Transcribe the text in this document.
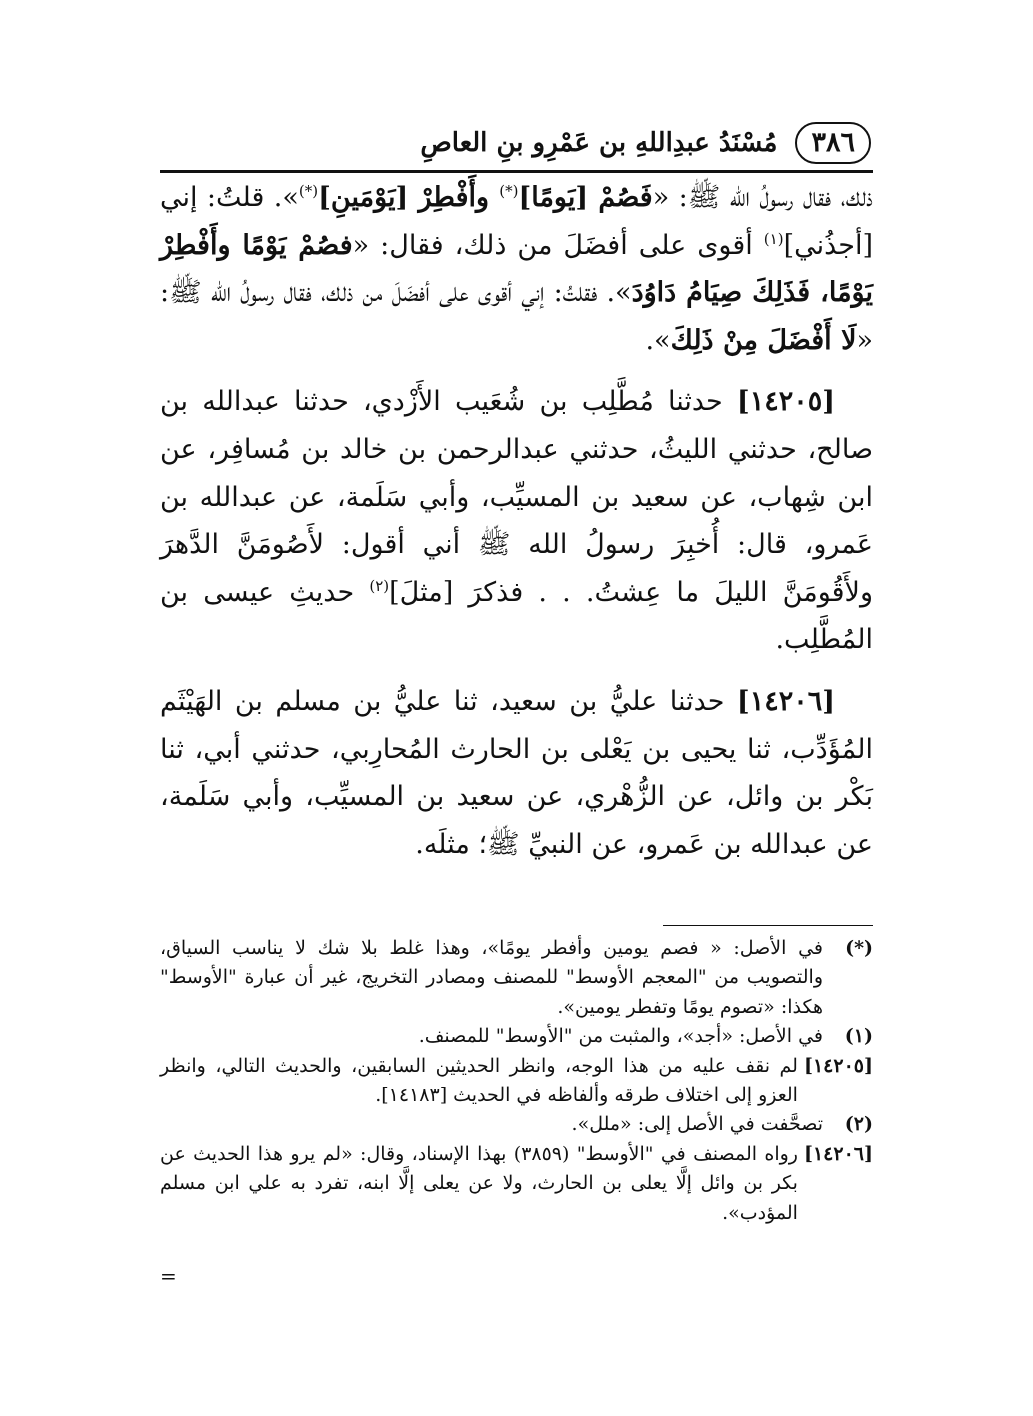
٣٨٦
مُسْنَدُ عبدِاللهِ بن عَمْرِو بنِ العاصِ

ذلك، فقال رسولُ الله ﷺ: «فَصُمْ [يَومًا](*) وأَفْطِرْ [يَوْمَينِ](*)». قلتُ: إني [أجذُني]$^{(١)}$ أقوى على أفضَلَ من ذلك، فقال: «فصُمْ يَوْمًا وأَفْطِرْ يَوْمًا، فَذَلِكَ صِيَامُ دَاوُدَ». فقلتُ: إني أقوى على أفضَلَ من ذلك، فقال رسولُ الله ﷺ: «لَا أَفْضَلَ مِنْ ذَلِكَ».

[١٤٢٠٥] حدثنا مُطَّلِب بن شُعَيب الأَزْدي، حدثنا عبدالله بن صالح، حدثني الليثُ، حدثني عبدالرحمن بن خالد بن مُسافِر، عن ابن شِهاب، عن سعيد بن المسيِّب، وأبي سَلَمة، عن عبدالله بن عَمرو، قال: أُخبِرَ رسولُ الله ﷺ أني أقول: لأَصُومَنَّ الدَّهرَ ولأَقُومَنَّ الليلَ ما عِشتُ. . . فذكرَ [مثلَ]$^{(٢)}$ حديثِ عيسى بن المُطَّلِب.

[١٤٢٠٦] حدثنا عليُّ بن سعيد، ثنا عليُّ بن مسلم بن الهَيْثَم المُؤَدِّب، ثنا يحيى بن يَعْلى بن الحارث المُحارِبي، حدثني أبي، ثنا بَكْر بن وائل، عن الزُّهْري، عن سعيد بن المسيِّب، وأبي سَلَمة، عن عبدالله بن عَمرو، عن النبيِّ ﷺ؛ مثلَه.

(*)
في الأصل: « فصم يومين وأفطر يومًا»، وهذا غلط بلا شك لا يناسب السياق، والتصويب من "المعجم الأوسط" للمصنف ومصادر التخريج، غير أن عبارة "الأوسط" هكذا: «تصوم يومًا وتفطر يومين».

(١)
في الأصل: «أجد»، والمثبت من "الأوسط" للمصنف.

[١٤٢٠٥]
لم نقف عليه من هذا الوجه، وانظر الحديثين السابقين، والحديث التالي، وانظر العزو إلى اختلاف طرقه وألفاظه في الحديث [١٤١٨٣].

(٢)
تصحَّفت في الأصل إلى: «ملل».

[١٤٢٠٦]
رواه المصنف في "الأوسط" (٣٨٥٩) بهذا الإسناد، وقال: «لم يرو هذا الحديث عن بكر بن وائل إلَّا يعلى بن الحارث، ولا عن يعلى إلَّا ابنه، تفرد به علي ابن مسلم المؤدب».

=
